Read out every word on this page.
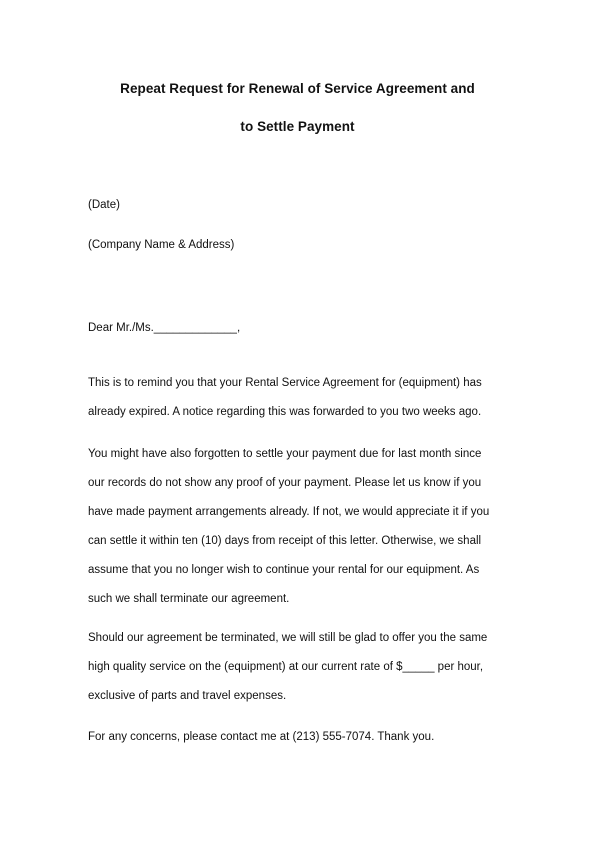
Repeat Request for Renewal of Service Agreement and
to Settle Payment
(Date)
(Company Name & Address)
Dear Mr./Ms._____________,
This is to remind you that your Rental Service Agreement for (equipment) has
already expired. A notice regarding this was forwarded to you two weeks ago.
You might have also forgotten to settle your payment due for last month since
our records do not show any proof of your payment. Please let us know if you
have made payment arrangements already. If not, we would appreciate it if you
can settle it within ten (10) days from receipt of this letter. Otherwise, we shall
assume that you no longer wish to continue your rental for our equipment. As
such we shall terminate our agreement.
Should our agreement be terminated, we will still be glad to offer you the same
high quality service on the (equipment) at our current rate of $_____ per hour,
exclusive of parts and travel expenses.
For any concerns, please contact me at (213) 555-7074. Thank you.
